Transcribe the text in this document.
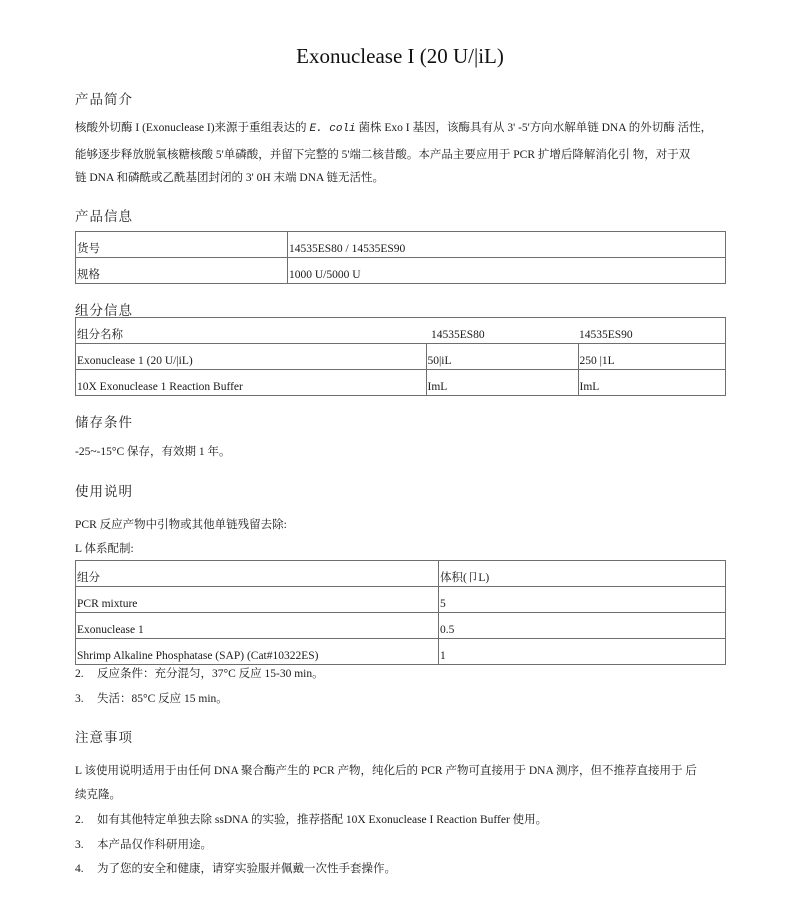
Exonuclease I (20 U/|iL)
产品简介
核酸外切酶 I (Exonuclease I)来源于重组表达的 E. coli 菌株 Exo I 基因，该酶具有从 3' -5'方向水解单链 DNA 的外切酶 活性，
能够逐步释放脱氧核糖核酸 5'单磷酸，并留下完整的 5'端二核昔酸。本产品主要应用于 PCR 扩增后降解消化引 物，对于双
链 DNA 和磷酰或乙酰基团封闭的 3' 0H 末端 DNA 链无活性。
产品信息
货号	14535ES80 / 14535ES90
规格	1000 U/5000 U
组分信息
组分名称	14535ES80	14535ES90
Exonuclease 1 (20 U/|iL)	50|iL	250 |1L
10X Exonuclease 1 Reaction Buffer	ImL	ImL
储存条件
-25~-15°C 保存，有效期 1 年。
使用说明
PCR 反应产物中引物或其他单链残留去除:
L 体系配制:
组分	体积(卩L)
PCR mixture	5
Exonuclease 1	0.5
Shrimp Alkaline Phosphatase (SAP) (Cat#10322ES)	1
2. 反应条件：充分混匀，37°C 反应 15-30 min。
3. 失活：85°C 反应 15 min。
注意事项
L 该使用说明适用于由任何 DNA 聚合酶产生的 PCR 产物，纯化后的 PCR 产物可直接用于 DNA 测序，但不推荐直接用于 后
续克隆。
2. 如有其他特定单独去除 ssDNA 的实验，推荐搭配 10X Exonuclease I Reaction Buffer 使用。
3. 本产品仅作科研用途。
4. 为了您的安全和健康，请穿实验服并佩戴一次性手套操作。
